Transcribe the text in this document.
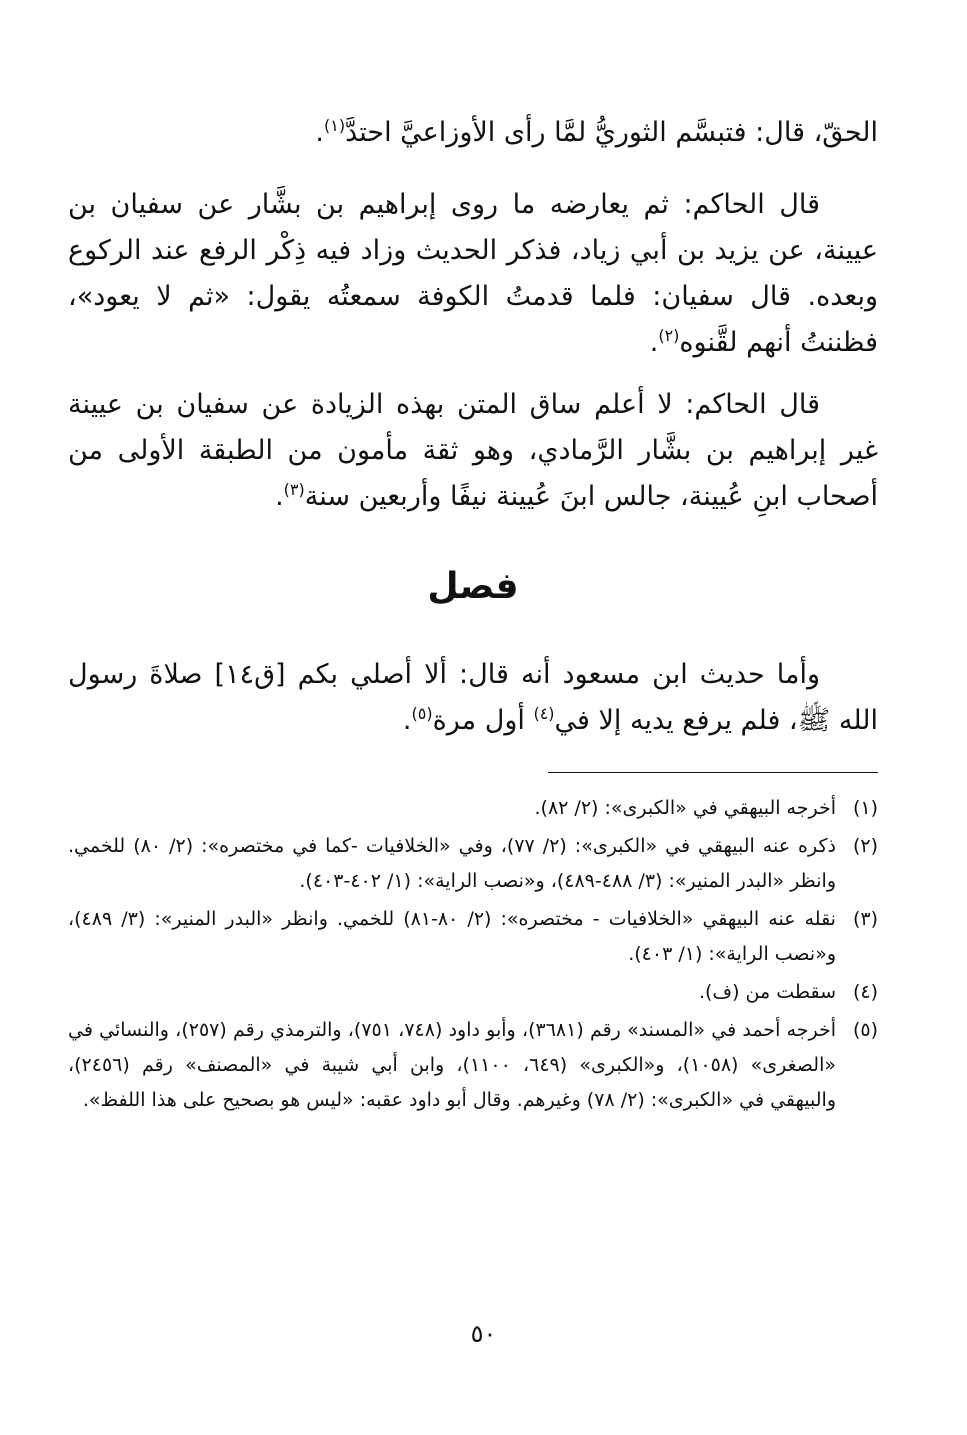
الحقّ، قال: فتبسَّم الثوريُّ لمَّا رأى الأوزاعيَّ احتدَّ$^{(١)}$.

قال الحاكم: ثم يعارضه ما روى إبراهيم بن بشَّار عن سفيان بن عيينة، عن يزيد بن أبي زياد، فذكر الحديث وزاد فيه ذِكْر الرفع عند الركوع وبعده. قال سفيان: فلما قدمتُ الكوفة سمعتُه يقول: «ثم لا يعود»، فظننتُ أنهم لقَّنوه$^{(٢)}$.

قال الحاكم: لا أعلم ساق المتن بهذه الزيادة عن سفيان بن عيينة غير إبراهيم بن بشَّار الرَّمادي، وهو ثقة مأمون من الطبقة الأولى من أصحاب ابنِ عُيينة، جالس ابنَ عُيينة نيفًا وأربعين سنة$^{(٣)}$.

فصل

وأما حديث ابن مسعود أنه قال: ألا أصلي بكم [ق١٤] صلاةَ رسول الله ﷺ، فلم يرفع يديه إلا في$^{(٤)}$ أول مرة$^{(٥)}$.

(١)
أخرجه البيهقي في «الكبرى»: (٢/ ٨٢).
(٢)
ذكره عنه البيهقي في «الكبرى»: (٢/ ٧٧)، وفي «الخلافيات -كما في مختصره»: (٢/ ٨٠) للخمي. وانظر «البدر المنير»: (٣/ ٤٨٨-٤٨٩)، و«نصب الراية»: (١/ ٤٠٢-٤٠٣).
(٣)
نقله عنه البيهقي «الخلافيات - مختصره»: (٢/ ٨٠-٨١) للخمي. وانظر «البدر المنير»: (٣/ ٤٨٩)، و«نصب الراية»: (١/ ٤٠٣).
(٤)
سقطت من (ف).
(٥)
أخرجه أحمد في «المسند» رقم (٣٦٨١)، وأبو داود (٧٤٨، ٧٥١)، والترمذي رقم (٢٥٧)، والنسائي في «الصغرى» (١٠٥٨)، و«الكبرى» (٦٤٩، ١١٠٠)، وابن أبي شيبة في «المصنف» رقم (٢٤٥٦)، والبيهقي في «الكبرى»: (٢/ ٧٨) وغيرهم. وقال أبو داود عقبه: «ليس هو بصحيح على هذا اللفظ».
٥٠
